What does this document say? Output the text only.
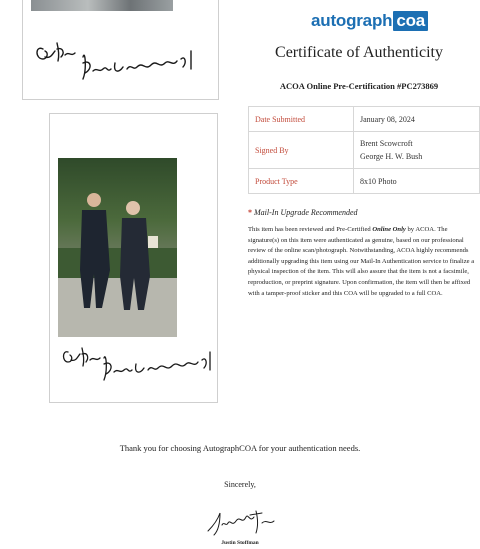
autograph coa
Certificate of Authenticity
ACOA Online Pre-Certification #PC273869
Date Submitted	January 08, 2024
Signed By	Brent Scowcroft
George H. W. Bush

Product Type	8x10 Photo
* Mail-In Upgrade Recommended
This item has been reviewed and Pre-Certified Online Only by ACOA. The signature(s) on this item were authenticated as genuine, based on our professional review of the online scan/photograph. Notwithstanding, ACOA highly recommends additionally upgrading this item using our Mail-In Authentication service to finalize a physical inspection of the item. This will also assure that the item is not a facsimile, reproduction, or preprint signature. Upon confirmation, the item will then be affixed with a tamper-proof sticker and this COA will be upgraded to a full COA.
Thank you for choosing AutographCOA for your authentication needs.
Sincerely,
Justin Stoffman
